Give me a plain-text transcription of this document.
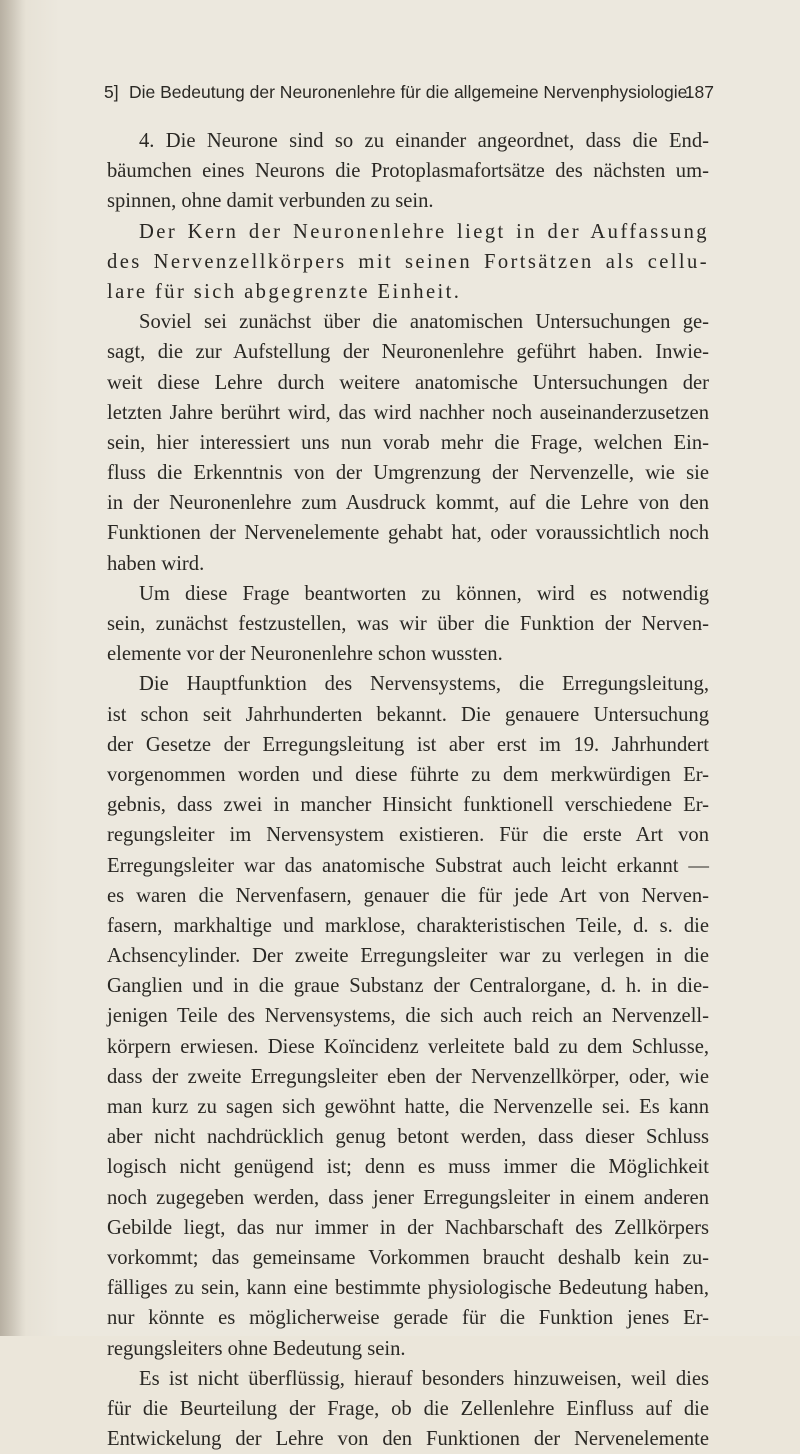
5] Die Bedeutung der Neuronenlehre für die allgemeine Nervenphysiologie.
187
4. Die Neurone sind so zu einander angeordnet, dass die End-
bäumchen eines Neurons die Protoplasmafortsätze des nächsten um-
spinnen, ohne damit verbunden zu sein.
Der Kern der Neuronenlehre liegt in der Auffassung
des Nervenzellkörpers mit seinen Fortsätzen als cellu-
lare für sich abgegrenzte Einheit.
Soviel sei zunächst über die anatomischen Untersuchungen ge-
sagt, die zur Aufstellung der Neuronenlehre geführt haben. Inwie-
weit diese Lehre durch weitere anatomische Untersuchungen der
letzten Jahre berührt wird, das wird nachher noch auseinanderzusetzen
sein, hier interessiert uns nun vorab mehr die Frage, welchen Ein-
fluss die Erkenntnis von der Umgrenzung der Nervenzelle, wie sie
in der Neuronenlehre zum Ausdruck kommt, auf die Lehre von den
Funktionen der Nervenelemente gehabt hat, oder voraussichtlich noch
haben wird.
Um diese Frage beantworten zu können, wird es notwendig
sein, zunächst festzustellen, was wir über die Funktion der Nerven-
elemente vor der Neuronenlehre schon wussten.
Die Hauptfunktion des Nervensystems, die Erregungsleitung,
ist schon seit Jahrhunderten bekannt. Die genauere Untersuchung
der Gesetze der Erregungsleitung ist aber erst im 19. Jahrhundert
vorgenommen worden und diese führte zu dem merkwürdigen Er-
gebnis, dass zwei in mancher Hinsicht funktionell verschiedene Er-
regungsleiter im Nervensystem existieren. Für die erste Art von
Erregungsleiter war das anatomische Substrat auch leicht erkannt —
es waren die Nervenfasern, genauer die für jede Art von Nerven-
fasern, markhaltige und marklose, charakteristischen Teile, d. s. die
Achsencylinder. Der zweite Erregungsleiter war zu verlegen in die
Ganglien und in die graue Substanz der Centralorgane, d. h. in die-
jenigen Teile des Nervensystems, die sich auch reich an Nervenzell-
körpern erwiesen. Diese Koïncidenz verleitete bald zu dem Schlusse,
dass der zweite Erregungsleiter eben der Nervenzellkörper, oder, wie
man kurz zu sagen sich gewöhnt hatte, die Nervenzelle sei. Es kann
aber nicht nachdrücklich genug betont werden, dass dieser Schluss
logisch nicht genügend ist; denn es muss immer die Möglichkeit
noch zugegeben werden, dass jener Erregungsleiter in einem anderen
Gebilde liegt, das nur immer in der Nachbarschaft des Zellkörpers
vorkommt; das gemeinsame Vorkommen braucht deshalb kein zu-
fälliges zu sein, kann eine bestimmte physiologische Bedeutung haben,
nur könnte es möglicherweise gerade für die Funktion jenes Er-
regungsleiters ohne Bedeutung sein.
Es ist nicht überflüssig, hierauf besonders hinzuweisen, weil dies
für die Beurteilung der Frage, ob die Zellenlehre Einfluss auf die
Entwickelung der Lehre von den Funktionen der Nervenelemente
